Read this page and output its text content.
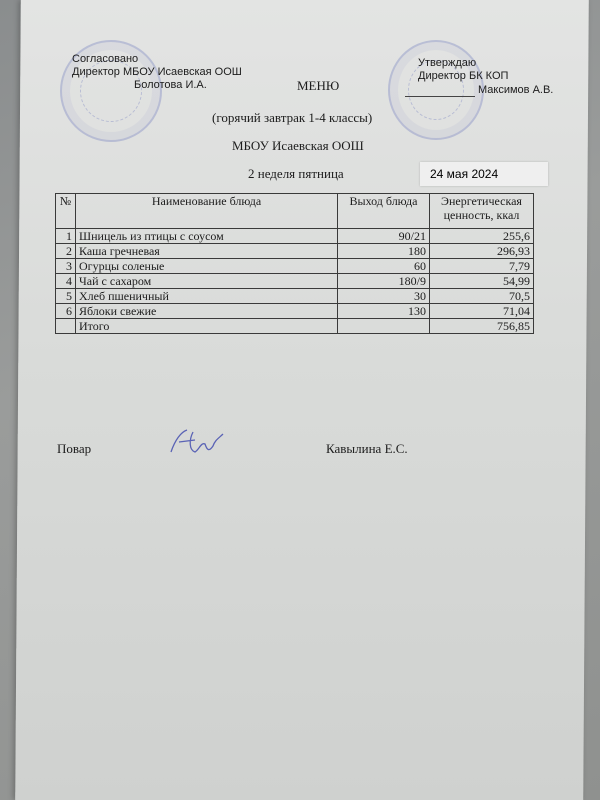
Согласовано
Директор МБОУ Исаевская ООШ
Болотова И.А.
Утверждаю
Директор БК КОП
Максимов А.В.
МЕНЮ
(горячий завтрак 1-4 классы)
МБОУ Исаевская ООШ
2 неделя пятница	24 мая 2024
№	Наименование блюда	Выход блюда	Энергетическая ценность, ккал
1	Шницель из птицы с соусом	90/21	255,6
2	Каша гречневая	180	296,93
3	Огурцы соленые	60	7,79
4	Чай с сахаром	180/9	54,99
5	Хлеб пшеничный	30	70,5
6	Яблоки свежие	130	71,04
	Итого		756,85
Повар	Кавылина Е.С.
